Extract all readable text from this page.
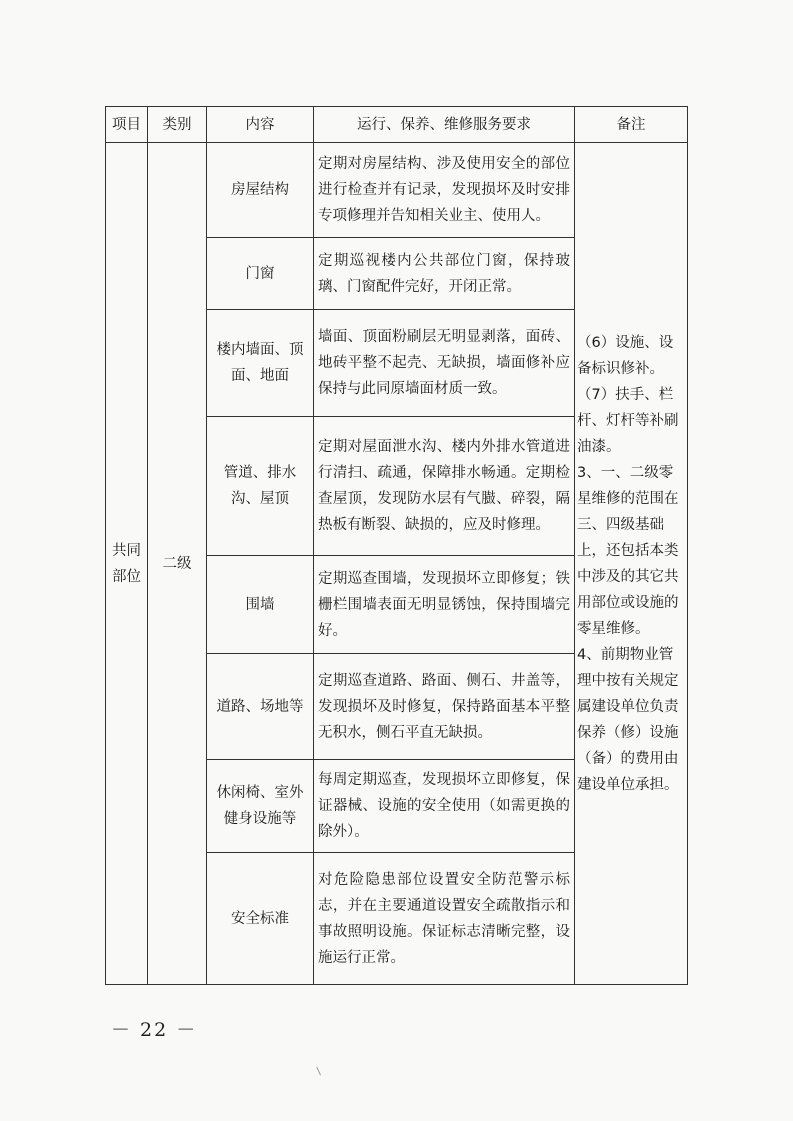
项目	类别	内容	运行、保养、维修服务要求	备注
共同
部位	二级	房屋结构	定期对房屋结构、涉及使用安全的部位进行检查并有记录，发现损坏及时安排专项修理并告知相关业主、使用人。	（6）设施、设备标识修补。
（7）扶手、栏杆、灯杆等补刷油漆。
3、一、二级零星维修的范围在三、四级基础上，还包括本类中涉及的其它共用部位或设施的零星维修。
4、前期物业管理中按有关规定属建设单位负责保养（修）设施（备）的费用由建设单位承担。
		门窗	定期巡视楼内公共部位门窗，保持玻璃、门窗配件完好，开闭正常。	
		楼内墙面、顶面、地面	墙面、顶面粉刷层无明显剥落，面砖、地砖平整不起壳、无缺损，墙面修补应保持与此同原墙面材质一致。	
		管道、排水沟、屋顶	定期对屋面泄水沟、楼内外排水管道进行清扫、疏通，保障排水畅通。定期检查屋顶，发现防水层有气臌、碎裂，隔热板有断裂、缺损的，应及时修理。	
		围墙	定期巡查围墙，发现损坏立即修复；铁栅栏围墙表面无明显锈蚀，保持围墙完好。	
		道路、场地等	定期巡查道路、路面、侧石、井盖等，发现损坏及时修复，保持路面基本平整无积水，侧石平直无缺损。	
		休闲椅、室外健身设施等	每周定期巡查，发现损坏立即修复，保证器械、设施的安全使用（如需更换的除外）。	
		安全标准	对危险隐患部位设置安全防范警示标志，并在主要通道设置安全疏散指示和事故照明设施。保证标志清晰完整，设施运行正常。	
－ 22 －
